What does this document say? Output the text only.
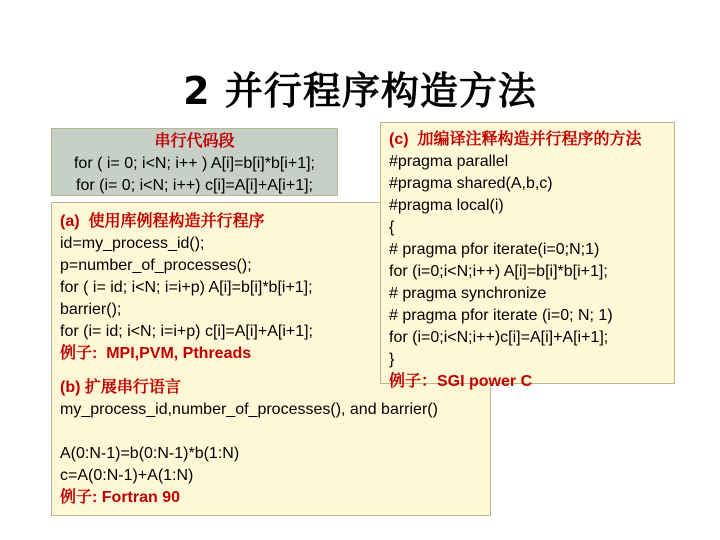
2 并行程序构造方法
(a)  使用库例程构造并行程序
id=my_process_id();
p=number_of_processes();
for ( i= id; i<N; i=i+p) A[i]=b[i]*b[i+1];
barrier();
for (i= id; i<N; i=i+p) c[i]=A[i]+A[i+1];
例子:  MPI,PVM, Pthreads
(b) 扩展串行语言
my_process_id,number_of_processes(), and barrier()
A(0:N-1)=b(0:N-1)*b(1:N)
c=A(0:N-1)+A(1:N)
例子: Fortran 90
串行代码段
for ( i= 0; i<N; i++ ) A[i]=b[i]*b[i+1];
for (i= 0; i<N; i++) c[i]=A[i]+A[i+1];
(c)  加编译注释构造并行程序的方法
#pragma parallel
#pragma shared(A,b,c)
#pragma local(i)
{
# pragma pfor iterate(i=0;N;1)
for (i=0;i<N;i++) A[i]=b[i]*b[i+1];
# pragma synchronize
# pragma pfor iterate (i=0; N; 1)
for (i=0;i<N;i++)c[i]=A[i]+A[i+1];
}
例子：SGI power C
